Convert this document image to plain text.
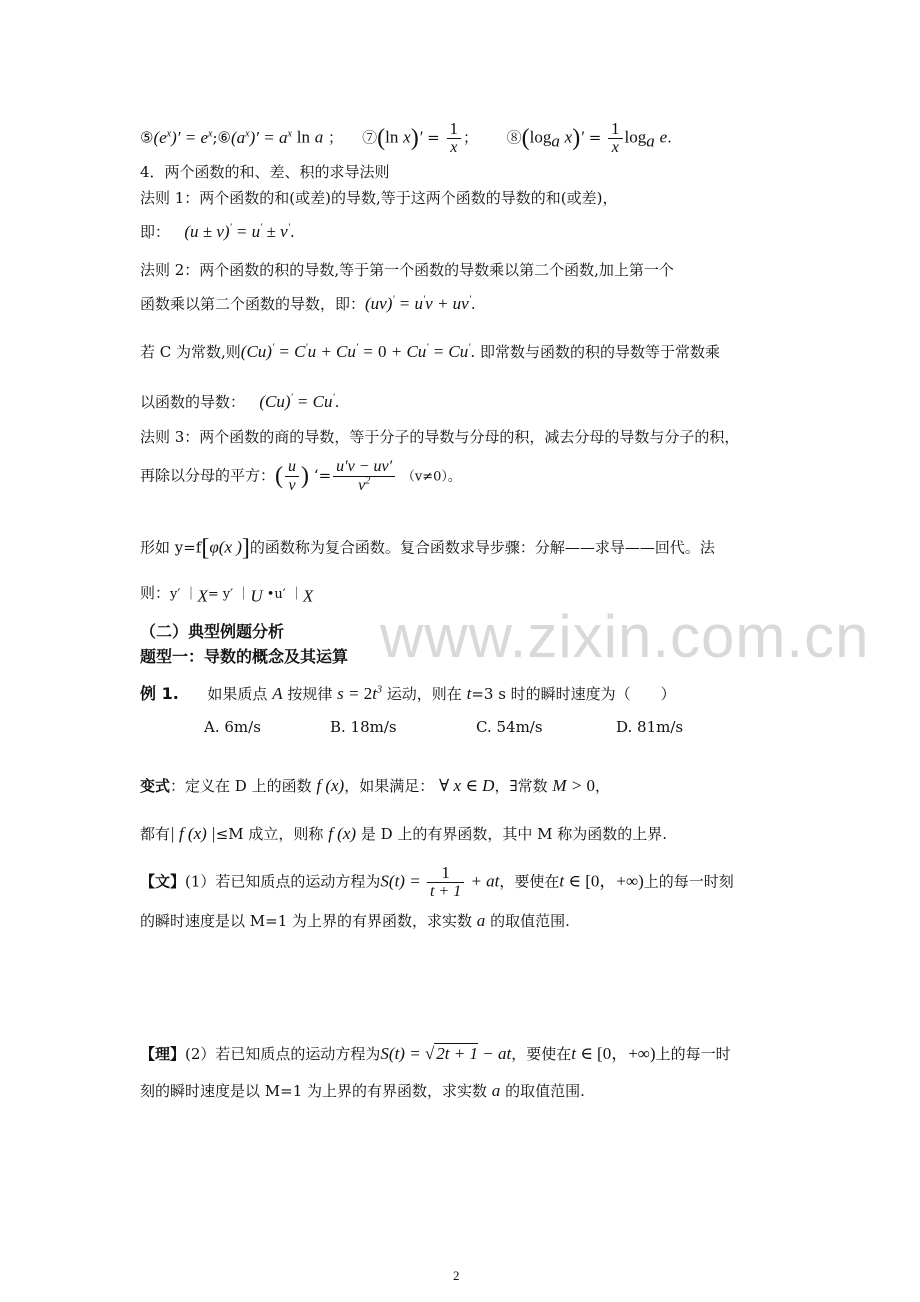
$⑤(e^x)'$ = $e^x;⑥(a^x)' = a^x$ ln a ； ⑦(ln $x)' = \frac{1}{x}$ ； $⑧(\log_a$ $x)' = \frac{1}{x} \log_a e$.
4．两个函数的和、差、积的求导法则
法则 1：两个函数的和(或差)的导数,等于这两个函数的导数的和(或差)，
即： (u ± v)' = u' ± v'.
法则 2：两个函数的积的导数,等于第一个函数的导数乘以第二个函数,加上第一个
函数乘以第二个函数的导数，即：(uv)' = u'v + uv'.
若 C 为常数,则(Cu)' = C'u + Cu' = 0 + Cu' = Cu'. 即常数与函数的积的导数等于常数乘
以函数的导数： (Cu)' = Cu'.
法则 3：两个函数的商的导数，等于分子的导数与分母的积，减去分母的导数与分子的积，
再除以分母的平方：( $\frac{u}{v}$ ) ‘= $\frac{u'v - uv'}{v^2} (v\ne 0)$。
形如 y=f[φ(x )]的函数称为复合函数。复合函数求导步骤：分解——求导——回代。法
则：y′ $|_X= y'$ $|_U$ •u′ $|_X$
www.zixin.com.cn
（二）典型例题分析
题型一：导数的概念及其运算
例 1. 如果质点 A 按规律 $s = 2t^3$ 运动，则在 t=3 s 时的瞬时速度为（　　）
A. 6m/s	B. 18m/s	C. 54m/s	D. 81m/s
变式：定义在 D 上的函数 f (x)，如果满足： ∀ x ∈ D，∃常数 M > 0，
都有| f (x) |≤M 成立，则称 f (x) 是 D 上的有界函数，其中 M 称为函数的上界.
【文】(1）若已知质点的运动方程为$S(t) = \frac{1}{t + 1}$ + at，要使在t ∈ [0，+∞)上的每一时刻
的瞬时速度是以 M=1 为上界的有界函数，求实数 a 的取值范围.
【理】(2）若已知质点的运动方程为S(t) = √ 2t + 1 − at，要使在t ∈ [0，+∞)上的每一时
刻的瞬时速度是以 M=1 为上界的有界函数，求实数 a 的取值范围.
2
